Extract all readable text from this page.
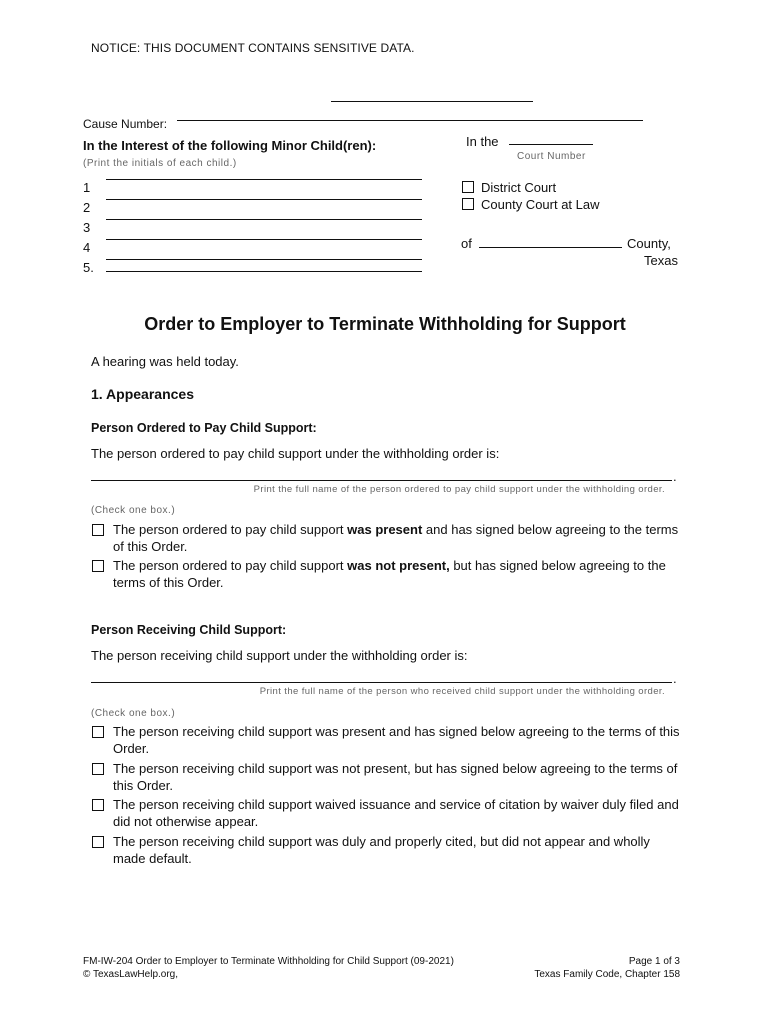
NOTICE: THIS DOCUMENT CONTAINS SENSITIVE DATA.
Cause Number:
In the Interest of the following Minor Child(ren):
(Print the initials of each child.)
1
2
3
4
5.
In the
Court Number
District Court
County Court at Law
of	County,
Texas
Order to Employer to Terminate Withholding for Support
A hearing was held today.
1. Appearances
Person Ordered to Pay Child Support:
The person ordered to pay child support under the withholding order is:
.
Print the full name of the person ordered to pay child support under the withholding order.
(Check one box.)
The person ordered to pay child support was present and has signed below agreeing to the terms of this Order.
The person ordered to pay child support was not present, but has signed below agreeing to the terms of this Order.
Person Receiving Child Support:
The person receiving child support under the withholding order is:
.
Print the full name of the person who received child support under the withholding order.
(Check one box.)
The person receiving child support was present and has signed below agreeing to the terms of this Order.
The person receiving child support was not present, but has signed below agreeing to the terms of this Order.
The person receiving child support waived issuance and service of citation by waiver duly filed and did not otherwise appear.
The person receiving child support was duly and properly cited, but did not appear and wholly made default.
FM-IW-204 Order to Employer to Terminate Withholding for Child Support (09-2021)
© TexasLawHelp.org,
Page 1 of 3
Texas Family Code, Chapter 158
